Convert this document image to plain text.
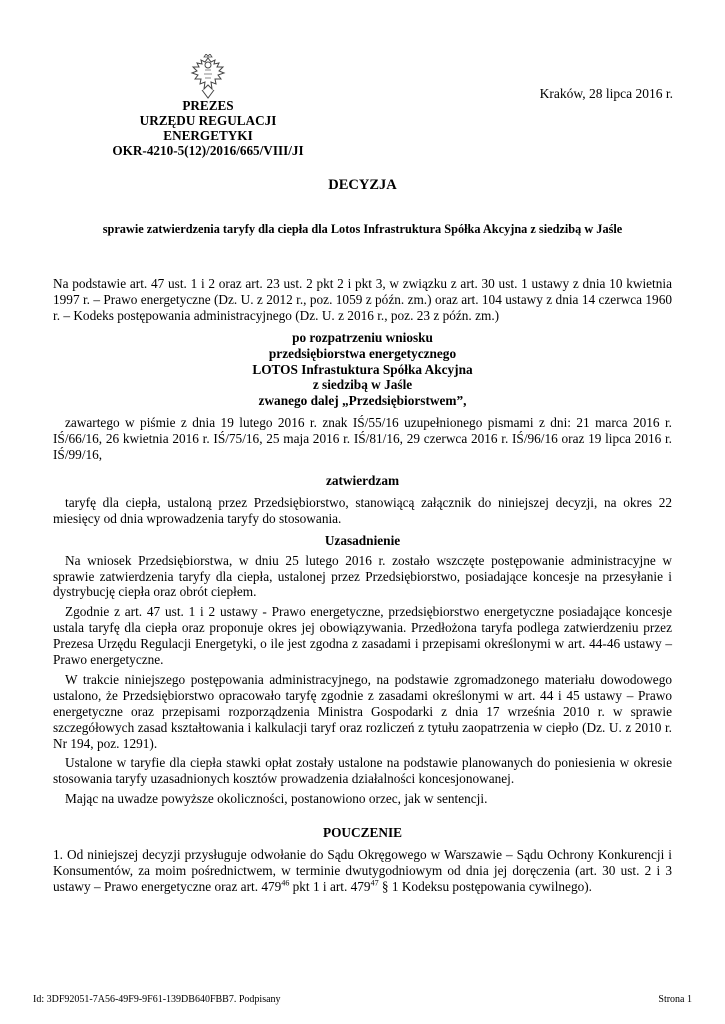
PREZES
URZĘDU REGULACJI ENERGETYKI
OKR-4210-5(12)/2016/665/VIII/JI
Kraków, 28 lipca 2016 r.
DECYZJA
sprawie zatwierdzenia taryfy dla ciepła dla Lotos Infrastruktura Spółka Akcyjna z siedzibą w Jaśle

Na podstawie art. 47 ust. 1 i 2 oraz art. 23 ust. 2 pkt 2 i pkt 3, w związku z art. 30 ust. 1 ustawy z dnia 10 kwietnia 1997 r. – Prawo energetyczne (Dz. U. z 2012 r., poz. 1059 z późn. zm.) oraz art. 104 ustawy z dnia 14 czerwca 1960 r. – Kodeks postępowania administracyjnego (Dz. U. z 2016 r., poz. 23 z późn. zm.)

po rozpatrzeniu wniosku

przedsiębiorstwa energetycznego

LOTOS Infrastuktura Spółka Akcyjna

z siedzibą w Jaśle

zwanego dalej „Przedsiębiorstwem”,

zawartego w piśmie z dnia 19 lutego 2016 r. znak IŚ/55/16 uzupełnionego pismami z dni: 21 marca 2016 r. IŚ/66/16, 26 kwietnia 2016 r. IŚ/75/16, 25 maja 2016 r. IŚ/81/16, 29 czerwca 2016 r. IŚ/96/16 oraz 19 lipca 2016 r. IŚ/99/16,

zatwierdzam

taryfę dla ciepła, ustaloną przez Przedsiębiorstwo, stanowiącą załącznik do niniejszej decyzji, na okres 22 miesięcy od dnia wprowadzenia taryfy do stosowania.

Uzasadnienie

Na wniosek Przedsiębiorstwa, w dniu 25 lutego 2016 r. zostało wszczęte postępowanie administracyjne w sprawie zatwierdzenia taryfy dla ciepła, ustalonej przez Przedsiębiorstwo, posiadające koncesje na przesyłanie i dystrybucję ciepła oraz obrót ciepłem.

Zgodnie z art. 47 ust. 1 i 2 ustawy - Prawo energetyczne, przedsiębiorstwo energetyczne posiadające koncesje ustala taryfę dla ciepła oraz proponuje okres jej obowiązywania. Przedłożona taryfa podlega zatwierdzeniu przez Prezesa Urzędu Regulacji Energetyki, o ile jest zgodna z zasadami i przepisami określonymi w art. 44-46 ustawy – Prawo energetyczne.

W trakcie niniejszego postępowania administracyjnego, na podstawie zgromadzonego materiału dowodowego ustalono, że Przedsiębiorstwo opracowało taryfę zgodnie z zasadami określonymi w art. 44 i 45 ustawy – Prawo energetyczne oraz przepisami rozporządzenia Ministra Gospodarki z dnia 17 września 2010 r. w sprawie szczegółowych zasad kształtowania i kalkulacji taryf oraz rozliczeń z tytułu zaopatrzenia w ciepło (Dz. U. z 2010 r. Nr 194, poz. 1291).

Ustalone w taryfie dla ciepła stawki opłat zostały ustalone na podstawie planowanych do poniesienia w okresie stosowania taryfy uzasadnionych kosztów prowadzenia działalności koncesjonowanej.

Mając na uwadze powyższe okoliczności, postanowiono orzec, jak w sentencji.

POUCZENIE

1. Od niniejszej decyzji przysługuje odwołanie do Sądu Okręgowego w Warszawie – Sądu Ochrony Konkurencji i Konsumentów, za moim pośrednictwem, w terminie dwutygodniowym od dnia jej doręczenia (art. 30 ust. 2 i 3 ustawy – Prawo energetyczne oraz art. $479^{46}$ pkt 1 i art. $479^{47}$ § 1 Kodeksu postępowania cywilnego).

Id: 3DF92051-7A56-49F9-9F61-139DB640FBB7. Podpisany	Strona 1
